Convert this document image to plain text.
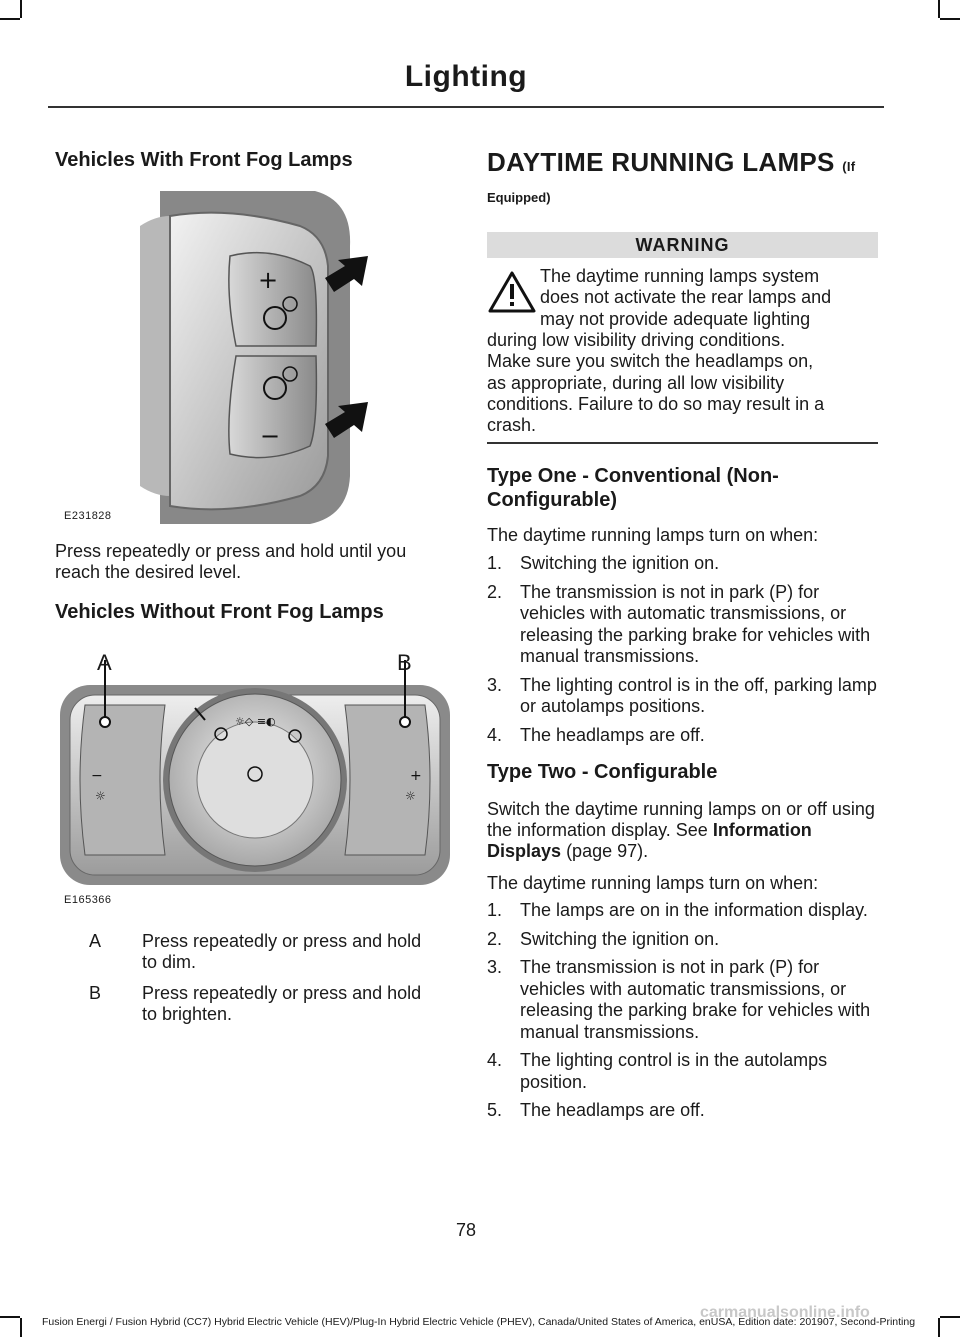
Lighting
Vehicles With Front Fog Lamps
+
−
E231828

Press repeatedly or press and hold until you reach the desired level.

Vehicles Without Front Fog Lamps
☼◇ ≡◐
−
☼
+
☼
A	B
E165366
A Press repeatedly or press and hold to dim.
B Press repeatedly or press and hold to brighten.
DAYTIME RUNNING LAMPS (If
Equipped)
WARNING
The daytime running lamps system
does not activate the rear lamps and
may not provide adequate lighting
during low visibility driving conditions.
Make sure you switch the headlamps on,
as appropriate, during all low visibility
conditions. Failure to do so may result in a
crash.
Type One - Conventional (Non-Configurable)

The daytime running lamps turn on when:

1. Switching the ignition on.
2. The transmission is not in park (P) for vehicles with automatic transmissions, or releasing the parking brake for vehicles with manual transmissions.
3. The lighting control is in the off, parking lamp or autolamps positions.
4. The headlamps are off.
Type Two - Configurable

Switch the daytime running lamps on or off using the information display. See Information Displays (page 97).

The daytime running lamps turn on when:

1. The lamps are on in the information display.
2. Switching the ignition on.
3. The transmission is not in park (P) for vehicles with automatic transmissions, or releasing the parking brake for vehicles with manual transmissions.
4. The lighting control is in the autolamps position.
5. The headlamps are off.
78
carmanualsonline.info
Fusion Energi / Fusion Hybrid (CC7) Hybrid Electric Vehicle (HEV)/Plug-In Hybrid Electric Vehicle (PHEV), Canada/United States of America, enUSA, Edition date: 201907, Second-Printing
